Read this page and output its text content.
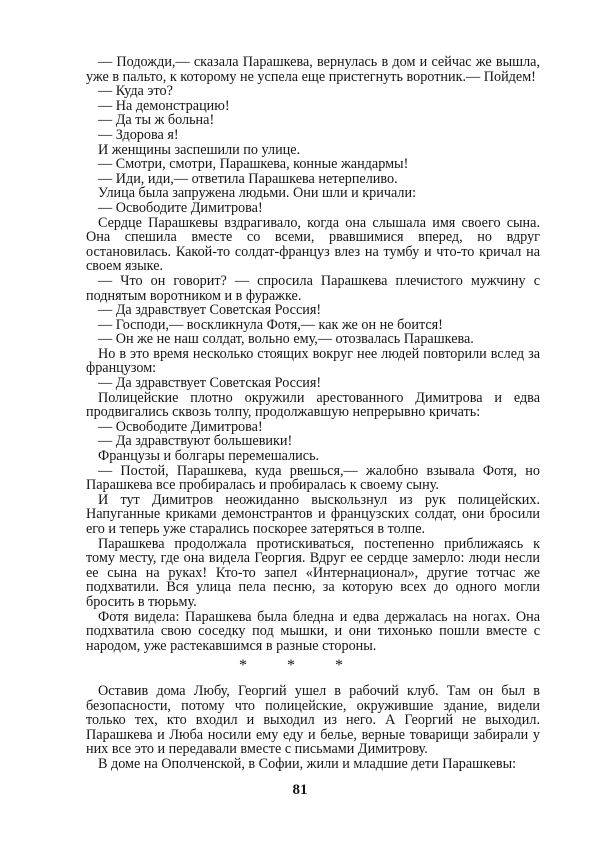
— Подожди,— сказала Парашкева, вернулась в дом и сейчас же вышла, уже в пальто, к которому не успела еще пристегнуть воротник.— Пойдем!

— Куда это?

— На демонстрацию!

— Да ты ж больна!

— Здорова я!

И женщины заспешили по улице.

— Смотри, смотри, Парашкева, конные жандармы!

— Иди, иди,— ответила Парашкева нетерпеливо.

Улица была запружена людьми. Они шли и кричали:

— Освободите Димитрова!

Сердце Парашкевы вздрагивало, когда она слышала имя своего сына. Она спешила вместе со всеми, рвавшимися вперед, но вдруг остановилась. Какой-то солдат-француз влез на тумбу и что-то кричал на своем языке.

— Что он говорит? — спросила Парашкева плечистого мужчину с поднятым воротником и в фуражке.

— Да здравствует Советская Россия!

— Господи,— воскликнула Фотя,— как же он не боится!

— Он же не наш солдат, вольно ему,— отозвалась Парашкева.

Но в это время несколько стоящих вокруг нее людей повторили вслед за французом:

— Да здравствует Советская Россия!

Полицейские плотно окружили арестованного Димитрова и едва продвигались сквозь толпу, продолжавшую непрерывно кричать:

— Освободите Димитрова!

— Да здравствуют большевики!

Французы и болгары перемешались.

— Постой, Парашкева, куда рвешься,— жалобно взывала Фотя, но Парашкева все пробиралась и пробиралась к своему сыну.

И тут Димитров неожиданно выскользнул из рук полицейских. Напуганные криками демонстрантов и французских солдат, они бросили его и теперь уже старались поскорее затеряться в толпе.

Парашкева продолжала протискиваться, постепенно приближаясь к тому месту, где она видела Георгия. Вдруг ее сердце замерло: люди несли ее сына на руках! Кто-то запел «Интернационал», другие тотчас же подхватили. Вся улица пела песню, за которую всех до одного могли бросить в тюрьму.

Фотя видела: Парашкева была бледна и едва держалась на ногах. Она подхватила свою соседку под мышки, и они тихонько пошли вместе с народом, уже растекавшимся в разные стороны.

* * *

Оставив дома Любу, Георгий ушел в рабочий клуб. Там он был в безопасности, потому что полицейские, окружившие здание, видели только тех, кто входил и выходил из него. А Георгий не выходил. Парашкева и Люба носили ему еду и белье, верные товарищи забирали у них все это и передавали вместе с письмами Димитрову.

В доме на Ополченской, в Софии, жили и младшие дети Парашкевы:

81
